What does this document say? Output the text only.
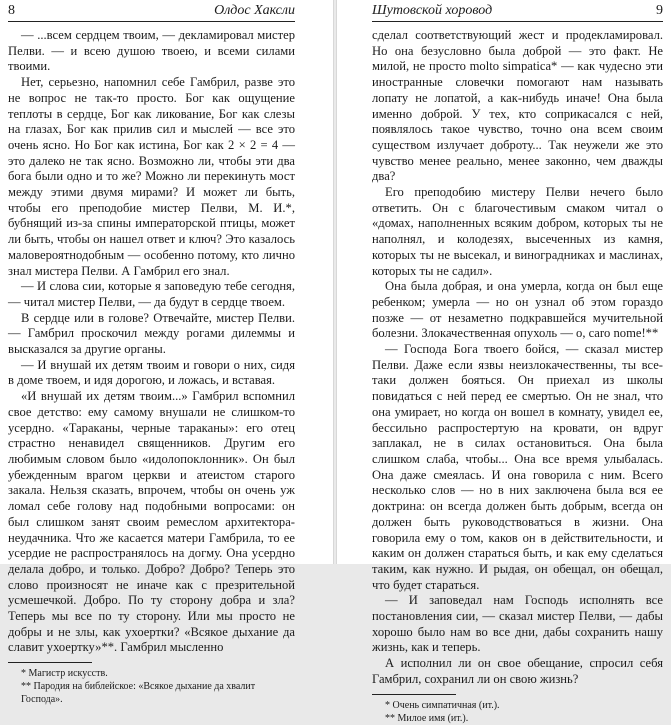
8	Олдос Хаксли

— ...всем сердцем твоим, — декламировал мистер Пелви. — и всею душою твоею, и всеми силами твоими.

Нет, серьезно, напомнил себе Гамбрил, разве это не вопрос не так-то просто. Бог как ощущение теплоты в сердце, Бог как ликование, Бог как слезы на глазах, Бог как прилив сил и мыслей — все это очень ясно. Но Бог как истина, Бог как 2 × 2 = 4 — это далеко не так ясно. Возможно ли, чтобы эти два бога были одно и то же? Можно ли перекинуть мост между этими двумя мирами? И может ли быть, чтобы его преподобие мистер Пелви, М. И.*, бубнящий из-за спины императорской птицы, может ли быть, чтобы он нашел ответ и ключ? Это казалось маловероятнодобным — особенно потому, кто лично знал мистера Пелви. А Гамбрил его знал.

— И слова сии, которые я заповедую тебе сегодня, — читал мистер Пелви, — да будут в сердце твоем.

В сердце или в голове? Отвечайте, мистер Пелви. — Гамбрил проскочил между рогами дилеммы и высказался за другие органы.

— И внушай их детям твоим и говори о них, сидя в доме твоем, и идя дорогою, и ложась, и вставая.

«И внушай их детям твоим...» Гамбрил вспомнил свое детство: ему самому внушали не слишком-то усердно. «Тараканы, черные тараканы»: его отец страстно ненавидел священников. Другим его любимым словом было «идолопоклонник». Он был убежденным врагом церкви и атеистом старого закала. Нельзя сказать, впрочем, чтобы он очень уж ломал себе голову над подобными вопросами: он был слишком занят своим ремеслом архитектора-неудачника. Что же касается матери Гамбрила, то ее усердие не распространялось на догму. Она усердно делала добро, и только. Добро? Добро? Теперь это слово произносят не иначе как с презрительной усмешечкой. Добро. По ту сторону добра и зла? Теперь мы все по ту сторону. Или мы просто не добры и не злы, как ухоертки? «Всякое дыхание да славит ухоертку»**. Гамбрил мысленно

* Магистр искусств.

** Пародия на библейское: «Всякое дыхание да хвалит Господа».

Шутовской хоровод	9

сделал соответствующий жест и продекламировал. Но она безусловно была доброй — это факт. Не милой, не просто molto simpatica* — как чудесно эти иностранные словечки помогают нам называть лопату не лопатой, а как-нибудь иначе! Она была именно доброй. У тех, кто соприкасался с ней, появлялось такое чувство, точно она всем своим существом излучает доброту... Так неужели же это чувство менее реально, менее законно, чем дважды два?

Его преподобию мистеру Пелви нечего было ответить. Он с благочестивым смаком читал о «домах, наполненных всяким добром, которых ты не наполнял, и колодезях, высеченных из камня, которых ты не высекал, и виноградниках и маслинах, которых ты не садил».

Она была добрая, и она умерла, когда он был еще ребенком; умерла — но он узнал об этом гораздо позже — от незаметно подкравшейся мучительной болезни. Злокачественная опухоль — o, caro nome!**

— Господа Бога твоего бойся, — сказал мистер Пелви. Даже если язвы неизлокачественны, ты все-таки должен бояться. Он приехал из школы повидаться с ней перед ее смертью. Он не знал, что она умирает, но когда он вошел в комнату, увидел ее, бессильно распростертую на кровати, он вдруг заплакал, не в силах остановиться. Она была слишком слаба, чтобы... Она все время улыбалась. Она даже смеялась. И она говорила с ним. Всего несколько слов — но в них заключена была вся ее доктрина: он всегда должен быть добрым, всегда он должен быть руководствоваться в жизни. Она говорила ему о том, каков он в действительности, и каким он должен стараться быть, и как ему сделаться таким, как нужно. И рыдая, он обещал, он обещал, что будет стараться.

— И заповедал нам Господь исполнять все постановления сии, — сказал мистер Пелви, — дабы хорошо было нам во все дни, дабы сохранить нашу жизнь, как и теперь.

А исполнил ли он свое обещание, спросил себя Гамбрил, сохранил ли он свою жизнь?

* Очень симпатичная (ит.).

** Милое имя (ит.).
